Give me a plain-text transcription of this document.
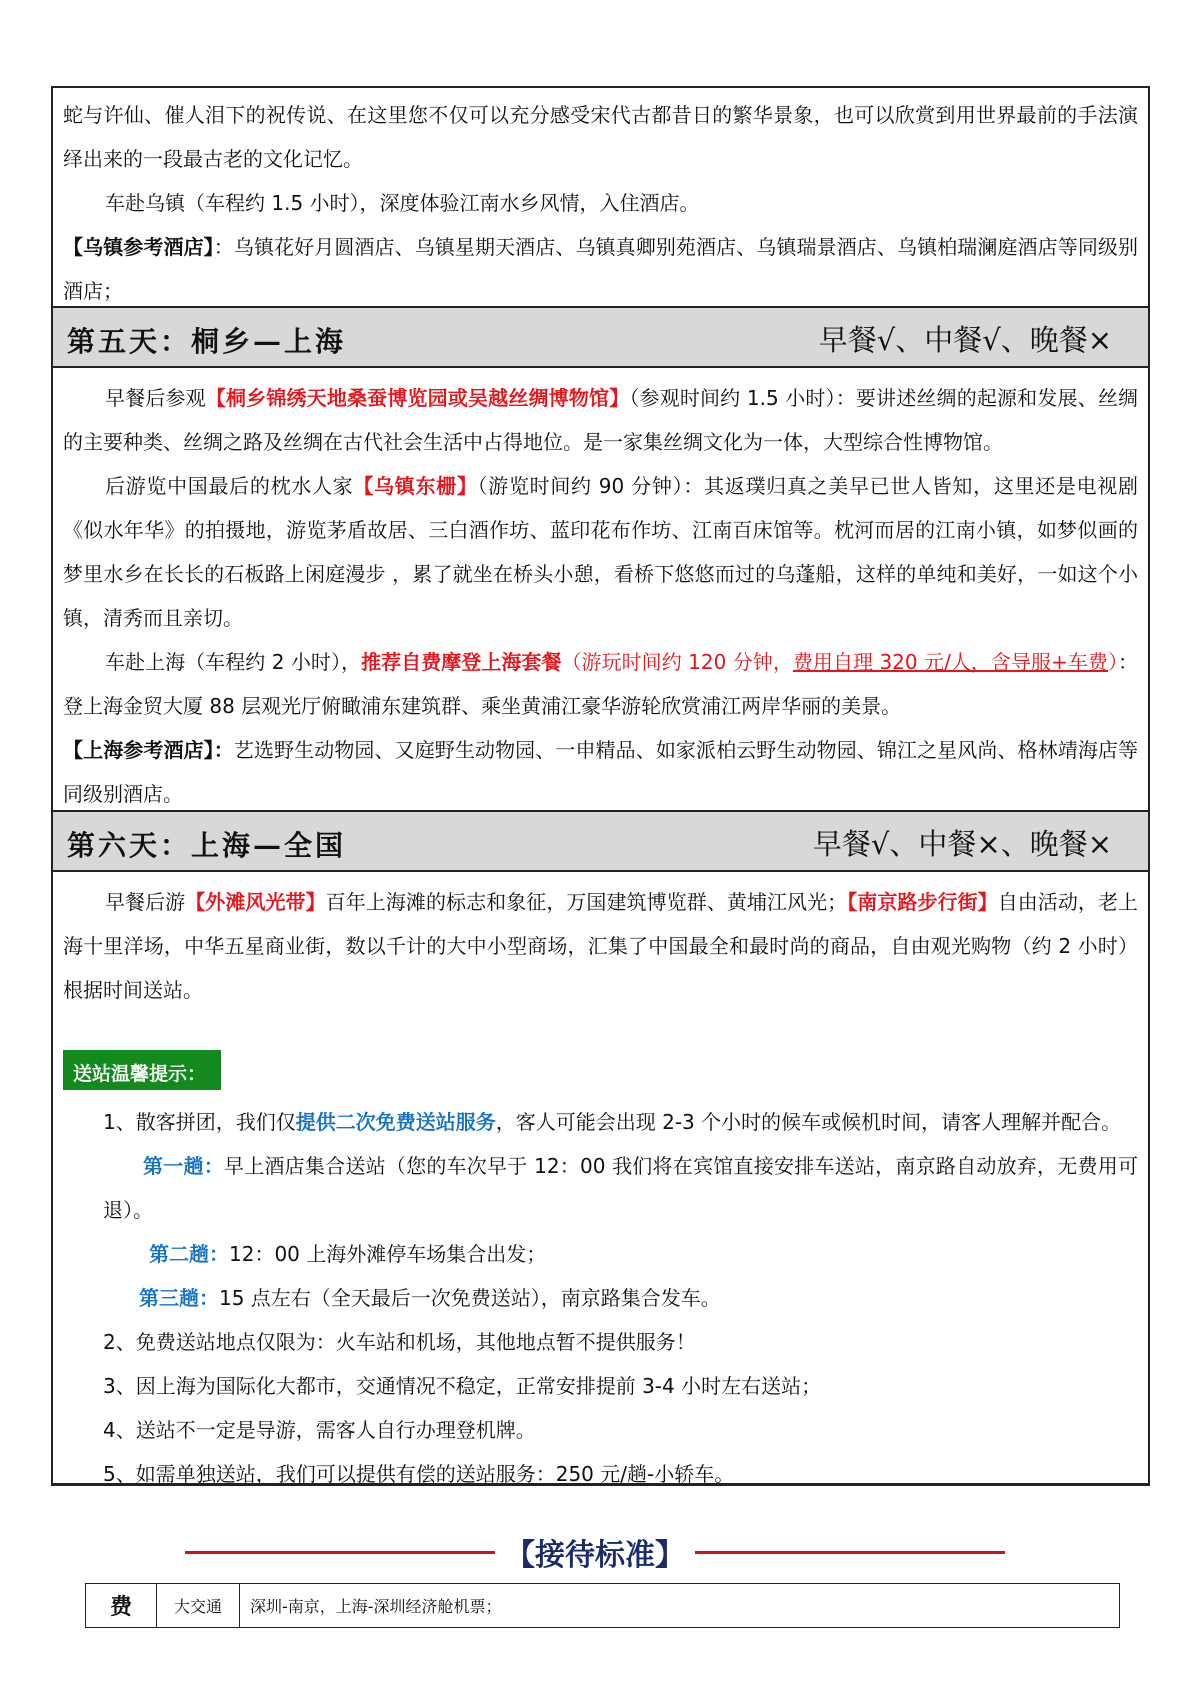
蛇与许仙、催人泪下的祝传说、在这里您不仅可以充分感受宋代古都昔日的繁华景象，也可以欣赏到用世界最前的手法演绎出来的一段最古老的文化记忆。

车赴乌镇（车程约 1.5 小时），深度体验江南水乡风情，入住酒店。

【乌镇参考酒店】：乌镇花好月圆酒店、乌镇星期天酒店、乌镇真卿别苑酒店、乌镇瑞景酒店、乌镇柏瑞澜庭酒店等同级别酒店；

第五天：桐乡—上海	早餐√、中餐√、晚餐×

早餐后参观【桐乡锦绣天地桑蚕博览园或吴越丝绸博物馆】（参观时间约 1.5 小时）：要讲述丝绸的起源和发展、丝绸的主要种类、丝绸之路及丝绸在古代社会生活中占得地位。是一家集丝绸文化为一体，大型综合性博物馆。

后游览中国最后的枕水人家【乌镇东栅】（游览时间约 90 分钟）：其返璞归真之美早已世人皆知，这里还是电视剧《似水年华》的拍摄地，游览茅盾故居、三白酒作坊、蓝印花布作坊、江南百床馆等。枕河而居的江南小镇，如梦似画的梦里水乡在长长的石板路上闲庭漫步 ，累了就坐在桥头小憩，看桥下悠悠而过的乌蓬船，这样的单纯和美好，一如这个小镇，清秀而且亲切。

车赴上海（车程约 2 小时），推荐自费摩登上海套餐（游玩时间约 120 分钟，费用自理 320 元/人，含导服+车费）：登上海金贸大厦 88 层观光厅俯瞰浦东建筑群、乘坐黄浦江豪华游轮欣赏浦江两岸华丽的美景。

【上海参考酒店】：艺选野生动物园、又庭野生动物园、一申精品、如家派柏云野生动物园、锦江之星风尚、格林靖海店等同级别酒店。

第六天：上海—全国	早餐√、中餐×、晚餐×

早餐后游【外滩风光带】百年上海滩的标志和象征，万国建筑博览群、黄埔江风光；【南京路步行街】自由活动，老上海十里洋场，中华五星商业街，数以千计的大中小型商场，汇集了中国最全和最时尚的商品，自由观光购物（约 2 小时）根据时间送站。

送站温馨提示：

1、散客拼团，我们仅提供二次免费送站服务，客人可能会出现 2-3 个小时的候车或候机时间，请客人理解并配合。

第一趟：早上酒店集合送站（您的车次早于 12：00 我们将在宾馆直接安排车送站，南京路自动放弃，无费用可退）。

第二趟：12：00 上海外滩停车场集合出发；

第三趟：15 点左右（全天最后一次免费送站），南京路集合发车。

2、免费送站地点仅限为：火车站和机场，其他地点暂不提供服务！

3、因上海为国际化大都市，交通情况不稳定，正常安排提前 3-4 小时左右送站；

4、送站不一定是导游，需客人自行办理登机牌。

5、如需单独送站，我们可以提供有偿的送站服务：250 元/趟-小轿车。

【接待标准】
费	大交通	深圳-南京，上海-深圳经济舱机票；
